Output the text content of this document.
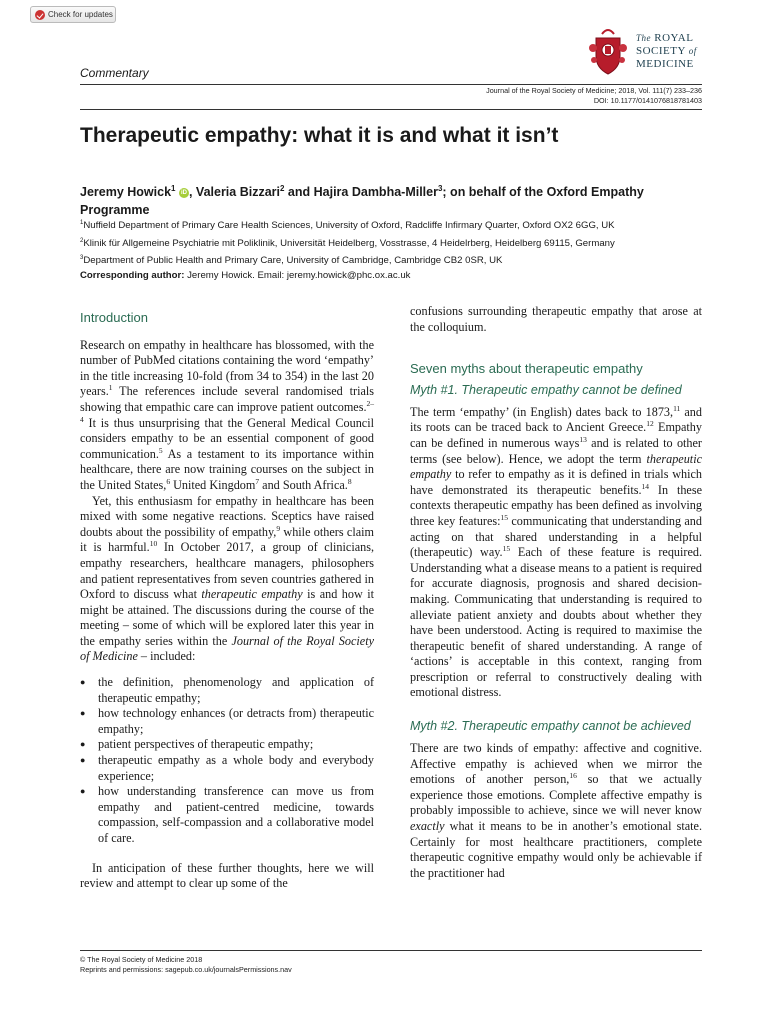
Check for updates
Commentary
The ROYAL
SOCIETY of
MEDICINE
Journal of the Royal Society of Medicine; 2018, Vol. 111(7) 233–236
DOI: 10.1177/0141076818781403
Therapeutic empathy: what it is and what it isn’t
Jeremy Howick$^1$ iD , Valeria Bizzari$^2$ and Hajira Dambha-Miller$^3$; on behalf of the Oxford Empathy Programme
$^1$Nuffield Department of Primary Care Health Sciences, University of Oxford, Radcliffe Infirmary Quarter, Oxford OX2 6GG, UK
$^2$Klinik für Allgemeine Psychiatrie mit Poliklinik, Universität Heidelberg, Vosstrasse, 4 Heidelrberg, Heidelberg 69115, Germany
$^3$Department of Public Health and Primary Care, University of Cambridge, Cambridge CB2 0SR, UK
Corresponding author: Jeremy Howick. Email: jeremy.howick@phc.ox.ac.uk

Introduction

Research on empathy in healthcare has blossomed, with the number of PubMed citations containing the word ‘empathy’ in the title increasing 10-fold (from 34 to 354) in the last 20 years.$^1$ The references include several randomised trials showing that empathic care can improve patient outcomes.$^{2-4}$ It is thus unsurprising that the General Medical Council considers empathy to be an essential component of good communication.$^5$ As a testament to its importance within healthcare, there are now training courses on the subject in the United States,$^6$ United Kingdom$^7$ and South Africa.$^8$

Yet, this enthusiasm for empathy in healthcare has been mixed with some negative reactions. Sceptics have raised doubts about the possibility of empathy,$^9$ while others claim it is harmful.$^{10}$ In October 2017, a group of clinicians, empathy researchers, healthcare managers, philosophers and patient representatives from seven countries gathered in Oxford to discuss what therapeutic empathy is and how it might be attained. The discussions during the course of the meeting – some of which will be explored later this year in the empathy series within the Journal of the Royal Society of Medicine – included:

● the definition, phenomenology and application of therapeutic empathy;
● how technology enhances (or detracts from) therapeutic empathy;
● patient perspectives of therapeutic empathy;
● therapeutic empathy as a whole body and everybody experience;
● how understanding transference can move us from empathy and patient-centred medicine, towards compassion, self-compassion and a collaborative model of care.

In anticipation of these further thoughts, here we will review and attempt to clear up some of the

confusions surrounding therapeutic empathy that arose at the colloquium.

Seven myths about therapeutic empathy

Myth #1. Therapeutic empathy cannot be defined

The term ‘empathy’ (in English) dates back to 1873,11 and its roots can be traced back to Ancient Greece.$^{12}$ Empathy can be defined in numerous ways$^{13}$ and is related to other terms (see below). Hence, we adopt the term therapeutic empathy to refer to empathy as it is defined in trials which have demonstrated its therapeutic benefits.$^{14}$ In these contexts therapeutic empathy has been defined as involving three key features:$^{15}$ communicating that understanding and acting on that shared understanding in a helpful (therapeutic) way.$^{15}$ Each of these feature is required. Understanding what a disease means to a patient is required for accurate diagnosis, prognosis and shared decision-making. Communicating that understanding is required to alleviate patient anxiety and doubts about whether they have been understood. Acting is required to maximise the therapeutic benefit of shared understanding. A range of ‘actions’ is acceptable in this context, ranging from prescription or referral to constructively dealing with emotional distress.

Myth #2. Therapeutic empathy cannot be achieved

There are two kinds of empathy: affective and cognitive. Affective empathy is achieved when we mirror the emotions of another person,$^{16}$ so that we actually experience those emotions. Complete affective empathy is probably impossible to achieve, since we will never know exactly what it means to be in another’s emotional state. Certainly for most healthcare practitioners, complete therapeutic cognitive empathy would only be achievable if the practitioner had

© The Royal Society of Medicine 2018
Reprints and permissions: sagepub.co.uk/journalsPermissions.nav
